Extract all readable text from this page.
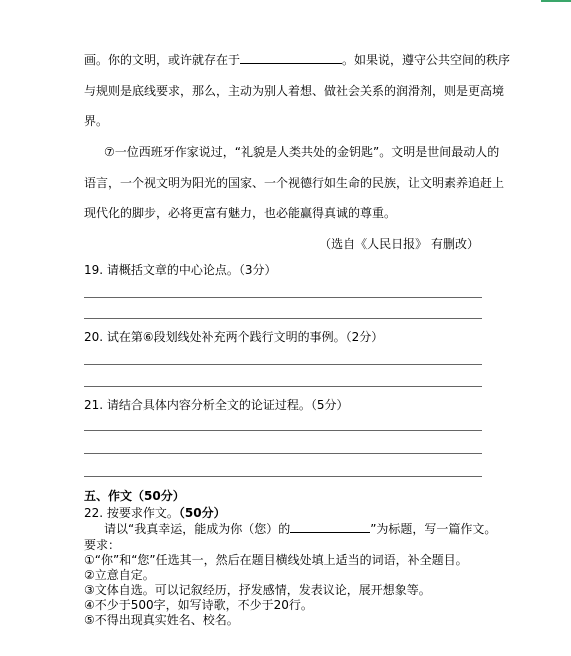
画。你的文明，或许就存在于	。如果说，遵守公共空间的秩序
与规则是底线要求，那么，主动为别人着想、做社会关系的润滑剂，则是更高境
界。
⑦一位西班牙作家说过，“礼貌是人类共处的金钥匙”。文明是世间最动人的
语言，一个视文明为阳光的国家、一个视德行如生命的民族，让文明素养追赶上
现代化的脚步，必将更富有魅力，也必能赢得真诚的尊重。
（选自《人民日报》 有删改）
19. 请概括文章的中心论点。（3分）
20. 试在第⑥段划线处补充两个践行文明的事例。（2分）
21. 请结合具体内容分析全文的论证过程。（5分）
五、作文（50分）
22. 按要求作文。（50分）
请以“我真幸运，能成为你（您）的	”为标题，写一篇作文。
要求：
①“你”和“您”任选其一，然后在题目横线处填上适当的词语，补全题目。
②立意自定。
③文体自选。可以记叙经历，抒发感情，发表议论，展开想象等。
④不少于500字，如写诗歌，不少于20行。
⑤不得出现真实姓名、校名。
